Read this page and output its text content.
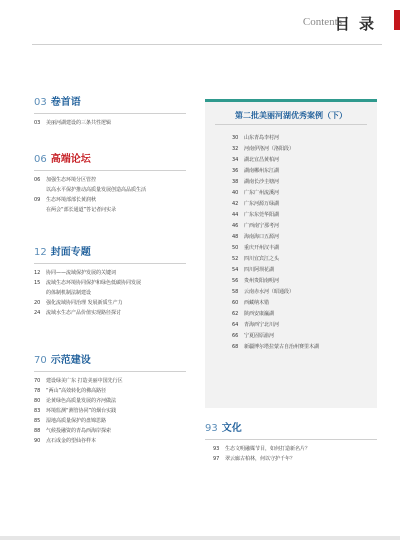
Contents
目 录
03 卷首语
03 美丽河湖建设的三条共性逻辑
06 高端论坛
06 加强生态环境分区管控
以高水平保护推动高质量发展创造高品质生活
09 生态环境部部长黄润秋
在两会“部长通道”答记者问实录
12 封面专题
12 协同——流域保护发展的关键词
15 流域生态环境协同保护和绿色低碳协同发展
的体制机制法制建设
20 强化流域协同治理 发展新质生产力
24 流域水生态产品价值实现路径探讨
70 示范建设
70 建设绿美广东 打造美丽中国先行区
78 “两山”高效转化的佛高路径
80 论黄绿色高质量发展的齐河做法
83 环境监测“测管协同”的烟台实践
85 湿地高质量保护的盘锦思路
88 气候投融资的青岛西海岸探索
90 点石成金的望仙谷样本
第二批美丽河湖优秀案例（下）
30 山东青岛李村河
32 河南伊洛河（洛阳段）
34 湖北宜昌黄柏河
36 湖南郴州东江湖
38 湖南长沙圭塘河
40 广东广州流溪河
42 广东河源万绿湖
44 广东东莞华阳湖
46 广西南宁那考河
48 海南海口五源河
50 重庆开州汉丰湖
52 四川宜宾江之头
54 四川阿坝花湖
56 贵州贵阳南明河
58 云南赤水河（昭通段）
60 西藏纳木错
62 陕西安康瀛湖
64 青海西宁北川河
66 宁夏固原渝河
68 新疆博尔塔拉蒙古自治州赛里木湖
93 文化
93 生态文明融媒节目，如何打造新名片？
97 翠云廊古柏林，何以守护千年？
